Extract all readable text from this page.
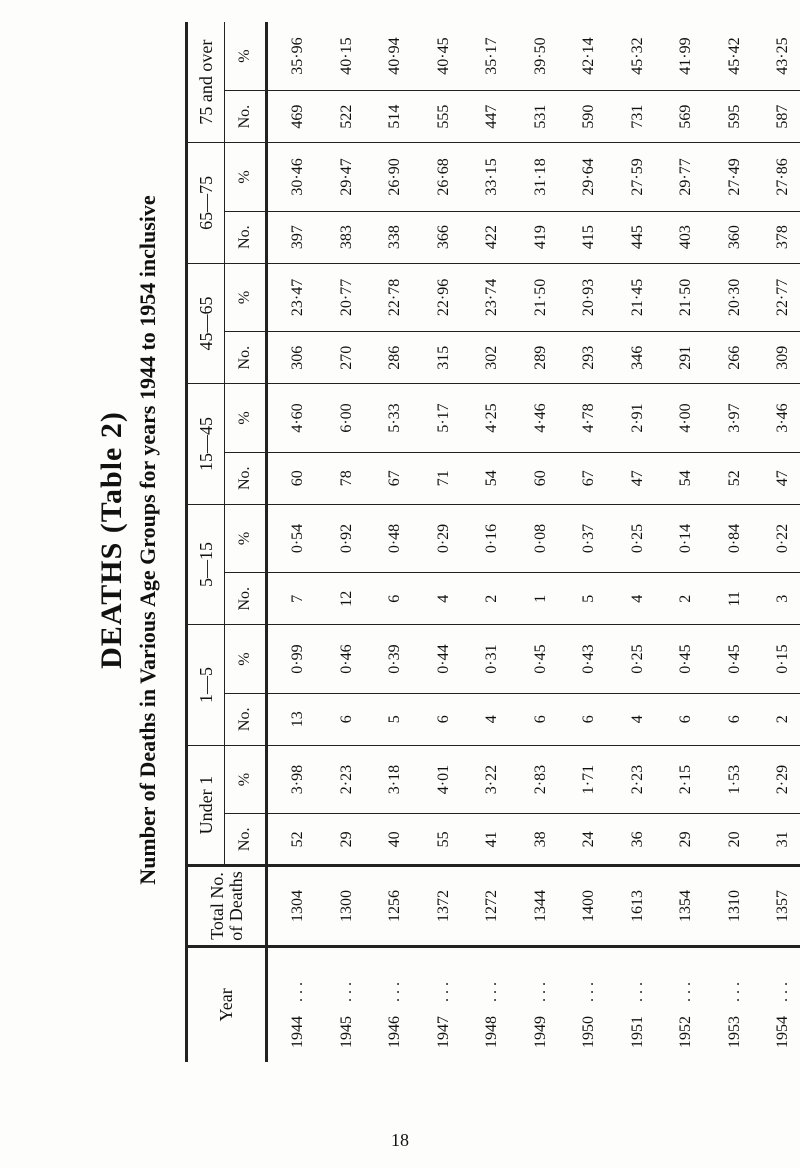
DEATHS (Table 2) Number of Deaths in Various Age Groups for years 1944 to 1954 inclusive
Year	Total No. of Deaths	Under 1		1—5		5—15		15—45		45—65		65—75		75 and over	
		No.	%	No.	%	No.	%	No.	%	No.	%	No.	%	No.	%
1944...	1304	52	3·98	13	0·99	7	0·54	60	4·60	306	23·47	397	30·46	469	35·96
1945...	1300	29	2·23	6	0·46	12	0·92	78	6·00	270	20·77	383	29·47	522	40·15
1946...	1256	40	3·18	5	0·39	6	0·48	67	5·33	286	22·78	338	26·90	514	40·94
1947...	1372	55	4·01	6	0·44	4	0·29	71	5·17	315	22·96	366	26·68	555	40·45
1948...	1272	41	3·22	4	0·31	2	0·16	54	4·25	302	23·74	422	33·15	447	35·17
1949...	1344	38	2·83	6	0·45	1	0·08	60	4·46	289	21·50	419	31·18	531	39·50
1950...	1400	24	1·71	6	0·43	5	0·37	67	4·78	293	20·93	415	29·64	590	42·14
1951...	1613	36	2·23	4	0·25	4	0·25	47	2·91	346	21·45	445	27·59	731	45·32
1952...	1354	29	2·15	6	0·45	2	0·14	54	4·00	291	21·50	403	29·77	569	41·99
1953...	1310	20	1·53	6	0·45	11	0·84	52	3·97	266	20·30	360	27·49	595	45·42
1954...	1357	31	2·29	2	0·15	3	0·22	47	3·46	309	22·77	378	27·86	587	43·25
18
